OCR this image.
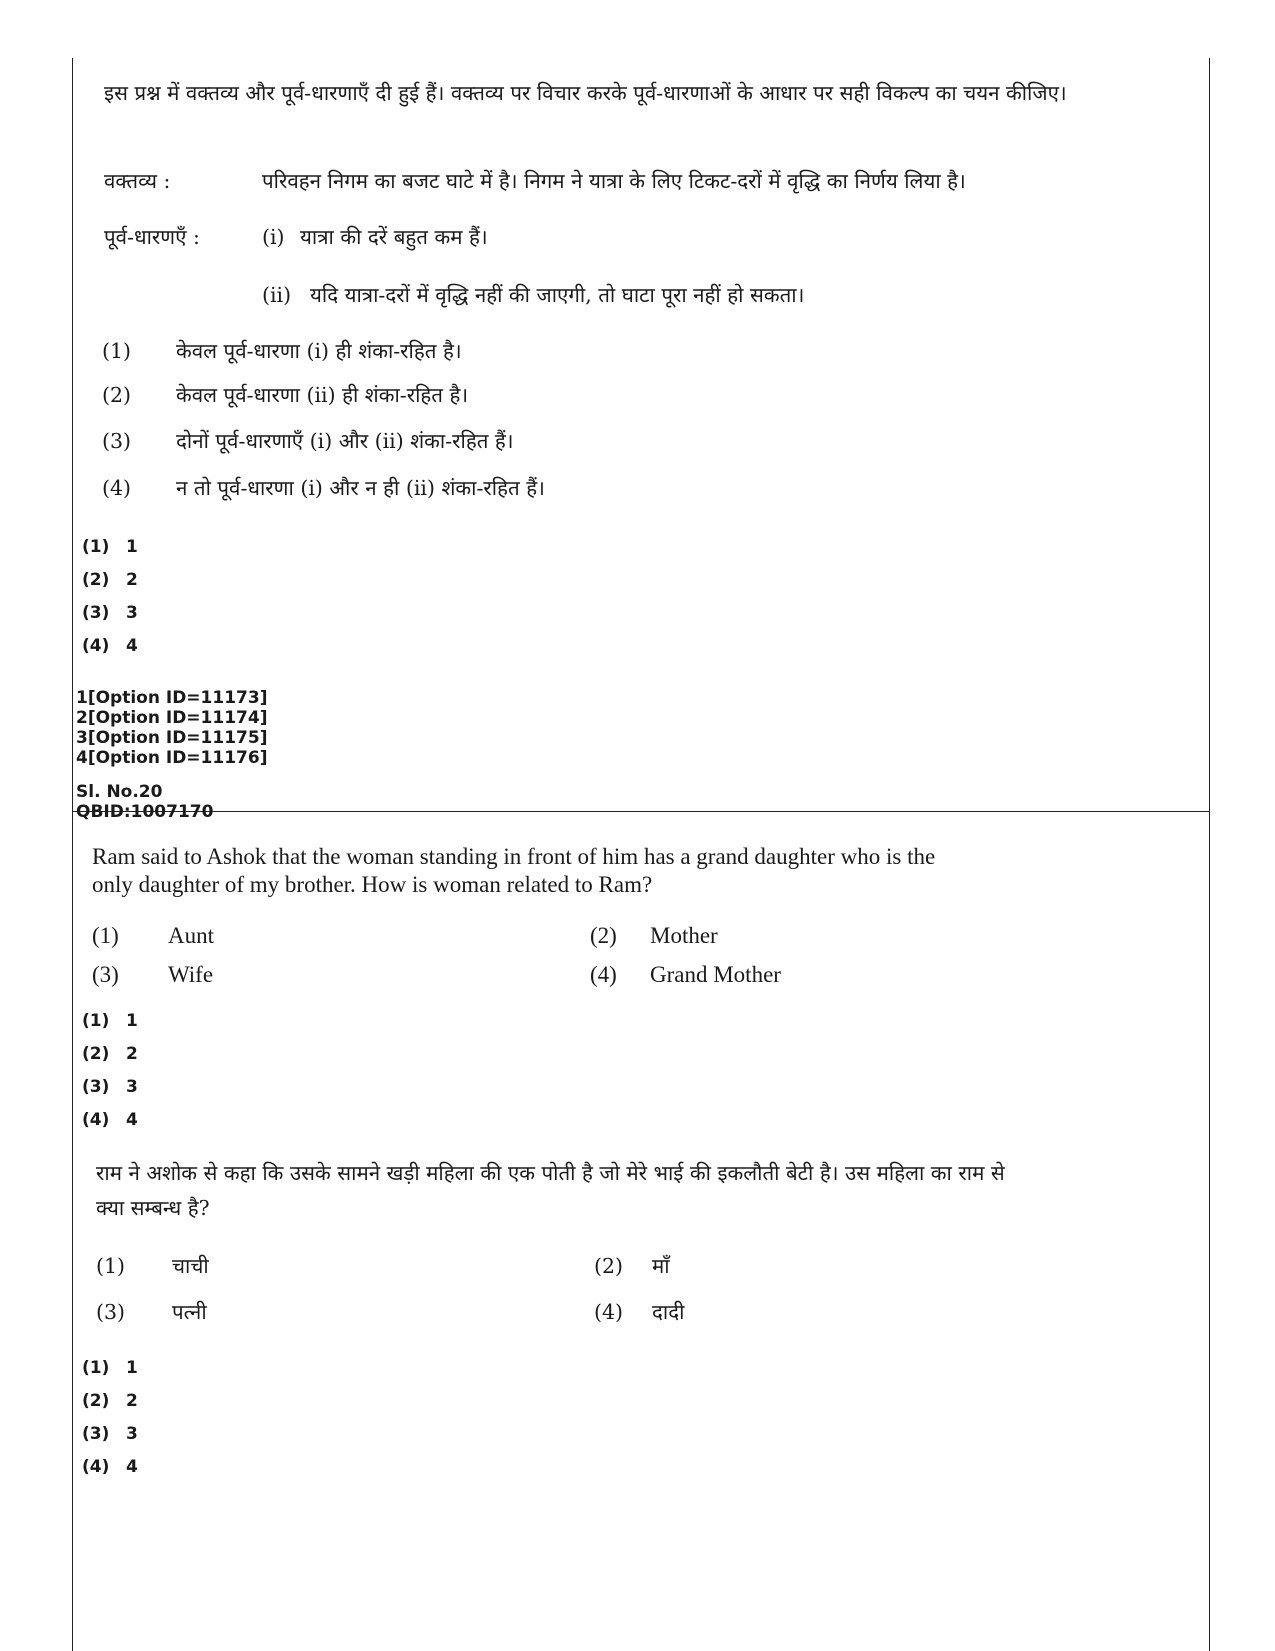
इस प्रश्न में वक्तव्य और पूर्व-धारणाएँ दी हुई हैं। वक्तव्य पर विचार करके पूर्व-धारणाओं के आधार पर सही विकल्प का चयन कीजिए।
वक्तव्य :	परिवहन निगम का बजट घाटे में है। निगम ने यात्रा के लिए टिकट-दरों में वृद्धि का निर्णय लिया है।
पूर्व-धारणएँ :	(i) यात्रा की दरें बहुत कम हैं।
(ii) यदि यात्रा-दरों में वृद्धि नहीं की जाएगी, तो घाटा पूरा नहीं हो सकता।
(1) केवल पूर्व-धारणा (i) ही शंका-रहित है।
(2) केवल पूर्व-धारणा (ii) ही शंका-रहित है।
(3) दोनों पूर्व-धारणाएँ (i) और (ii) शंका-रहित हैं।
(4) न तो पूर्व-धारणा (i) और न ही (ii) शंका-रहित हैं।
(1) 1
(2) 2
(3) 3
(4) 4
1[Option ID=11173]
2[Option ID=11174]
3[Option ID=11175]
4[Option ID=11176]
Sl. No.20
QBID:1007170
Ram said to Ashok that the woman standing in front of him has a grand daughter who is the
only daughter of my brother. How is woman related to Ram?
(1) Aunt	(2) Mother
(3) Wife	(4) Grand Mother
(1) 1
(2) 2
(3) 3
(4) 4
राम ने अशोक से कहा कि उसके सामने खड़ी महिला की एक पोती है जो मेरे भाई की इकलौती बेटी है। उस महिला का राम से
क्या सम्बन्ध है?
(1) चाची	(2) माँ
(3) पत्नी	(4) दादी
(1) 1
(2) 2
(3) 3
(4) 4
